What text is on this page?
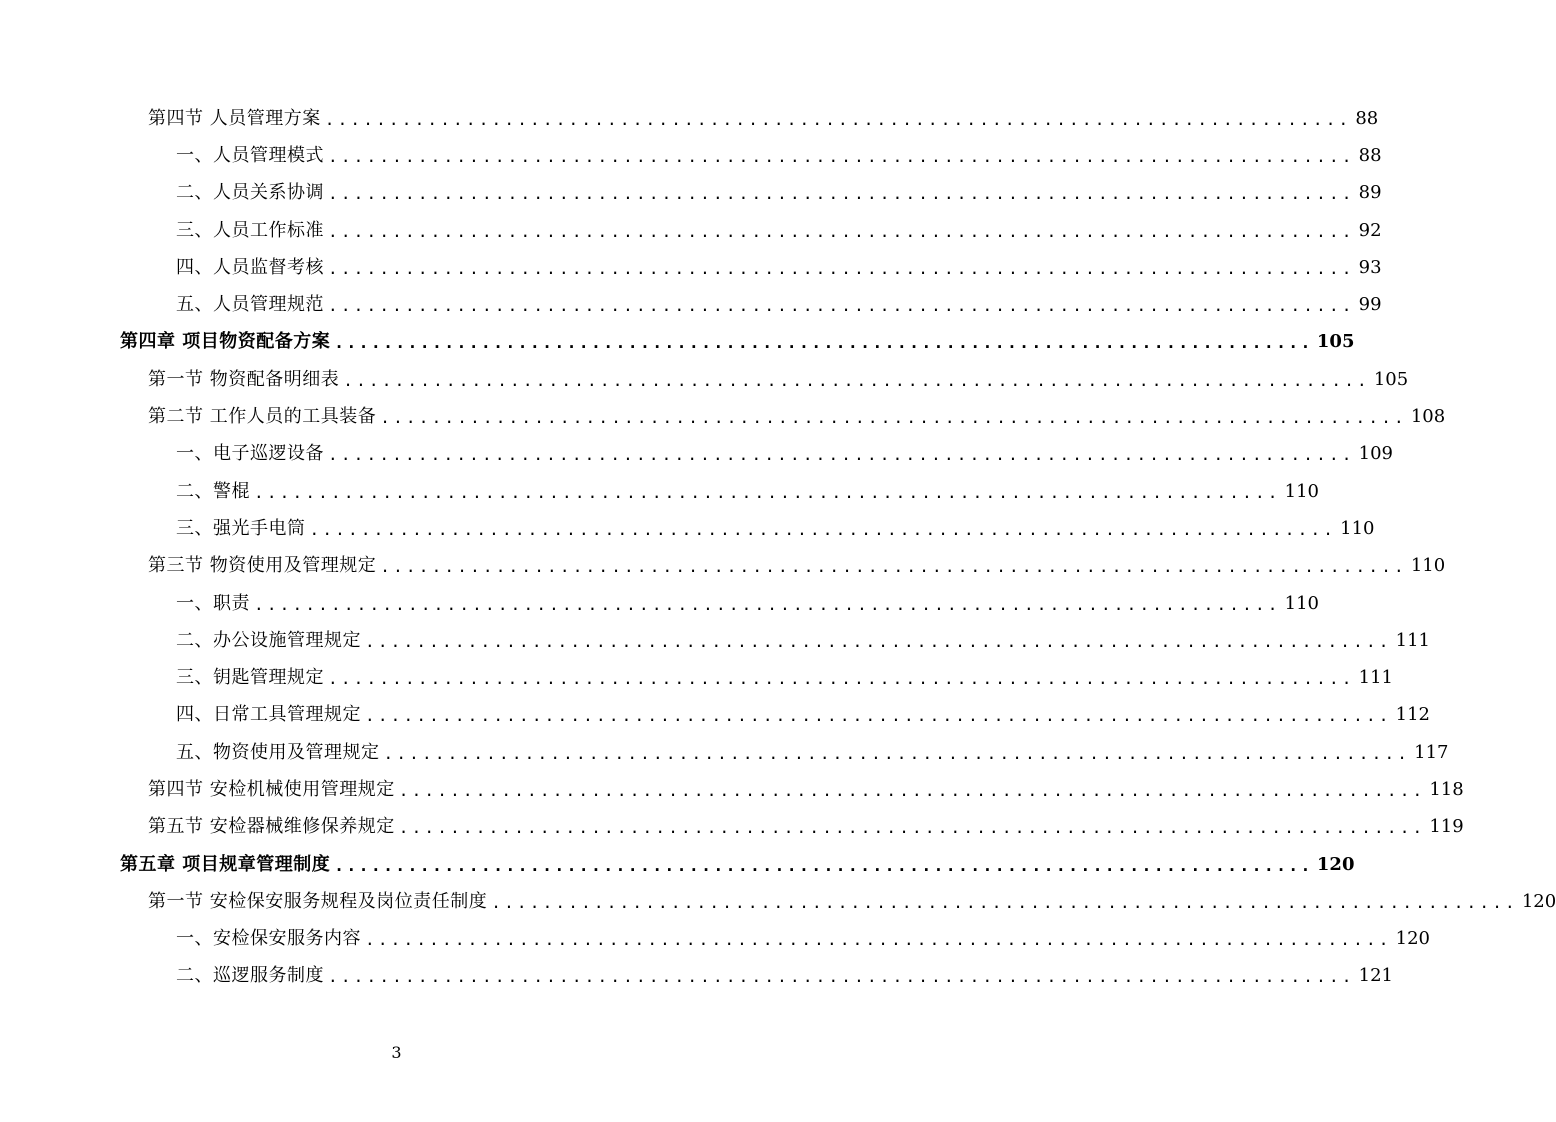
第四节 人员管理方案 ................................................................................ 88
一、人员管理模式 ................................................................................ 88
二、人员关系协调 ................................................................................ 89
三、人员工作标准 ................................................................................ 92
四、人员监督考核 ................................................................................ 93
五、人员管理规范 ................................................................................ 99
第四章 项目物资配备方案 ................................................................................ 105
第一节 物资配备明细表 ................................................................................ 105
第二节 工作人员的工具装备 ................................................................................ 108
一、电子巡逻设备 ................................................................................ 109
二、警棍 ................................................................................ 110
三、强光手电筒 ................................................................................ 110
第三节 物资使用及管理规定 ................................................................................ 110
一、职责 ................................................................................ 110
二、办公设施管理规定 ................................................................................ 111
三、钥匙管理规定 ................................................................................ 111
四、日常工具管理规定 ................................................................................ 112
五、物资使用及管理规定 ................................................................................ 117
第四节 安检机械使用管理规定 ................................................................................ 118
第五节 安检器械维修保养规定 ................................................................................ 119
第五章 项目规章管理制度 ................................................................................ 120
第一节 安检保安服务规程及岗位责任制度 ................................................................................ 120
一、安检保安服务内容 ................................................................................ 120
二、巡逻服务制度 ................................................................................ 121
3
